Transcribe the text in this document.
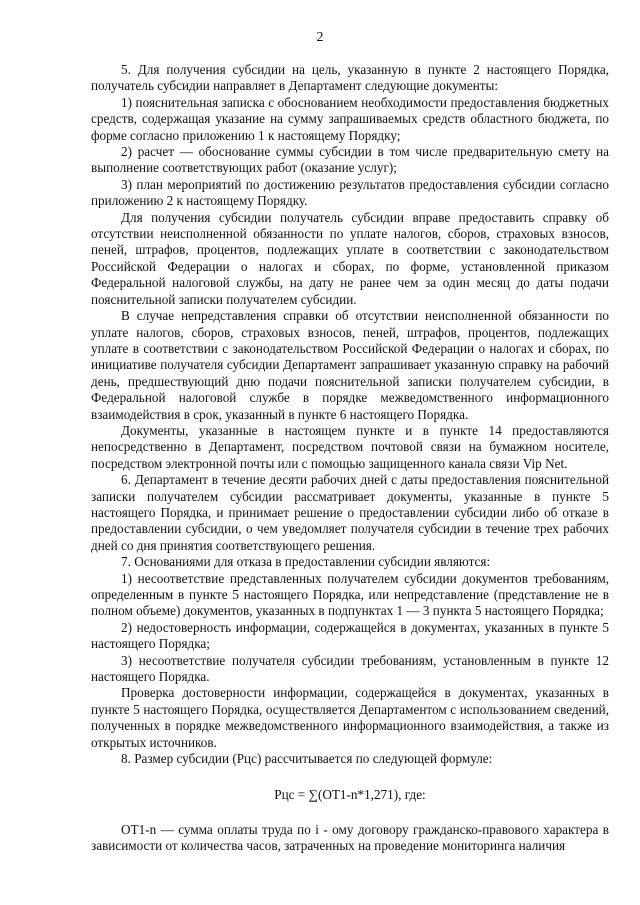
2

5. Для получения субсидии на цель, указанную в пункте 2 настоящего Порядка, получатель субсидии направляет в Департамент следующие документы:

1) пояснительная записка с обоснованием необходимости предоставления бюджетных средств, содержащая указание на сумму запрашиваемых средств областного бюджета, по форме согласно приложению 1 к настоящему Порядку;

2) расчет — обоснование суммы субсидии в том числе предварительную смету на выполнение соответствующих работ (оказание услуг);

3) план мероприятий по достижению результатов предоставления субсидии согласно приложению 2 к настоящему Порядку.

Для получения субсидии получатель субсидии вправе предоставить справку об отсутствии неисполненной обязанности по уплате налогов, сборов, страховых взносов, пеней, штрафов, процентов, подлежащих уплате в соответствии с законодательством Российской Федерации о налогах и сборах, по форме, установленной приказом Федеральной налоговой службы, на дату не ранее чем за один месяц до даты подачи пояснительной записки получателем субсидии.

В случае непредставления справки об отсутствии неисполненной обязанности по уплате налогов, сборов, страховых взносов, пеней, штрафов, процентов, подлежащих уплате в соответствии с законодательством Российской Федерации о налогах и сборах, по инициативе получателя субсидии Департамент запрашивает указанную справку на рабочий день, предшествующий дню подачи пояснительной записки получателем субсидии, в Федеральной налоговой службе в порядке межведомственного информационного взаимодействия в срок, указанный в пункте 6 настоящего Порядка.

Документы, указанные в настоящем пункте и в пункте 14 предоставляются непосредственно в Департамент, посредством почтовой связи на бумажном носителе, посредством электронной почты или с помощью защищенного канала связи Vip Net.

6. Департамент в течение десяти рабочих дней с даты предоставления пояснительной записки получателем субсидии рассматривает документы, указанные в пункте 5 настоящего Порядка, и принимает решение о предоставлении субсидии либо об отказе в предоставлении субсидии, о чем уведомляет получателя субсидии в течение трех рабочих дней со дня принятия соответствующего решения.

7. Основаниями для отказа в предоставлении субсидии являются:

1) несоответствие представленных получателем субсидии документов требованиям, определенным в пункте 5 настоящего Порядка, или непредставление (представление не в полном объеме) документов, указанных в подпунктах 1 — 3 пункта 5 настоящего Порядка;

2) недостоверность информации, содержащейся в документах, указанных в пункте 5 настоящего Порядка;

3) несоответствие получателя субсидии требованиям, установленным в пункте 12 настоящего Порядка.

Проверка достоверности информации, содержащейся в документах, указанных в пункте 5 настоящего Порядка, осуществляется Департаментом с использованием сведений, полученных в порядке межведомственного информационного взаимодействия, а также из открытых источников.

8. Размер субсидии (Рцс) рассчитывается по следующей формуле:

Рцс = ∑(ОТ1-n*1,271), где:

ОТ1-n — сумма оплаты труда по i - ому договору гражданско-правового характера в зависимости от количества часов, затраченных на проведение мониторинга наличия
